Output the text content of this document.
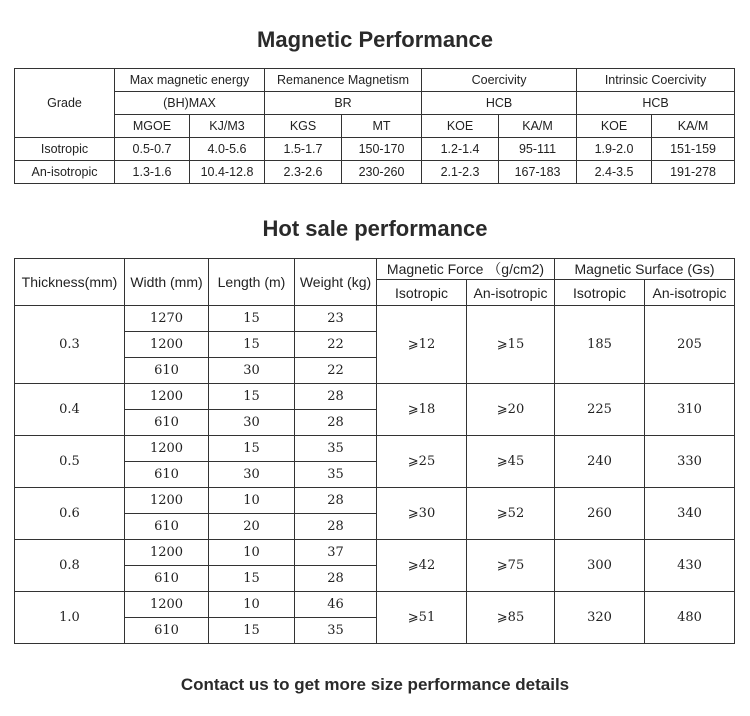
Magnetic Performance
Grade	Max magnetic energy		Remanence Magnetism		Coercivity		Intrinsic Coercivity	
	(BH)MAX		BR		HCB		HCB	
	MGOE	KJ/M3	KGS	MT	KOE	KA/M	KOE	KA/M
Isotropic	0.5-0.7	4.0-5.6	1.5-1.7	150-170	1.2-1.4	95-111	1.9-2.0	151-159
An-isotropic	1.3-1.6	10.4-12.8	2.3-2.6	230-260	2.1-2.3	167-183	2.4-3.5	191-278
Hot sale performance
Thickness(mm)	Width (mm)	Length (m)	Weight (kg)	Magnetic Force （g/cm2)		Magnetic Surface (Gs)	
				Isotropic	An-isotropic	Isotropic	An-isotropic
0.3	1270	15	23	⩾12	⩾15	185	205
	1200	15	22				
	610	30	22				
0.4	1200	15	28	⩾18	⩾20	225	310
	610	30	28				
0.5	1200	15	35	⩾25	⩾45	240	330
	610	30	35				
0.6	1200	10	28	⩾30	⩾52	260	340
	610	20	28				
0.8	1200	10	37	⩾42	⩾75	300	430
	610	15	28				
1.0	1200	10	46	⩾51	⩾85	320	480
	610	15	35				
Contact us to get more size performance details
